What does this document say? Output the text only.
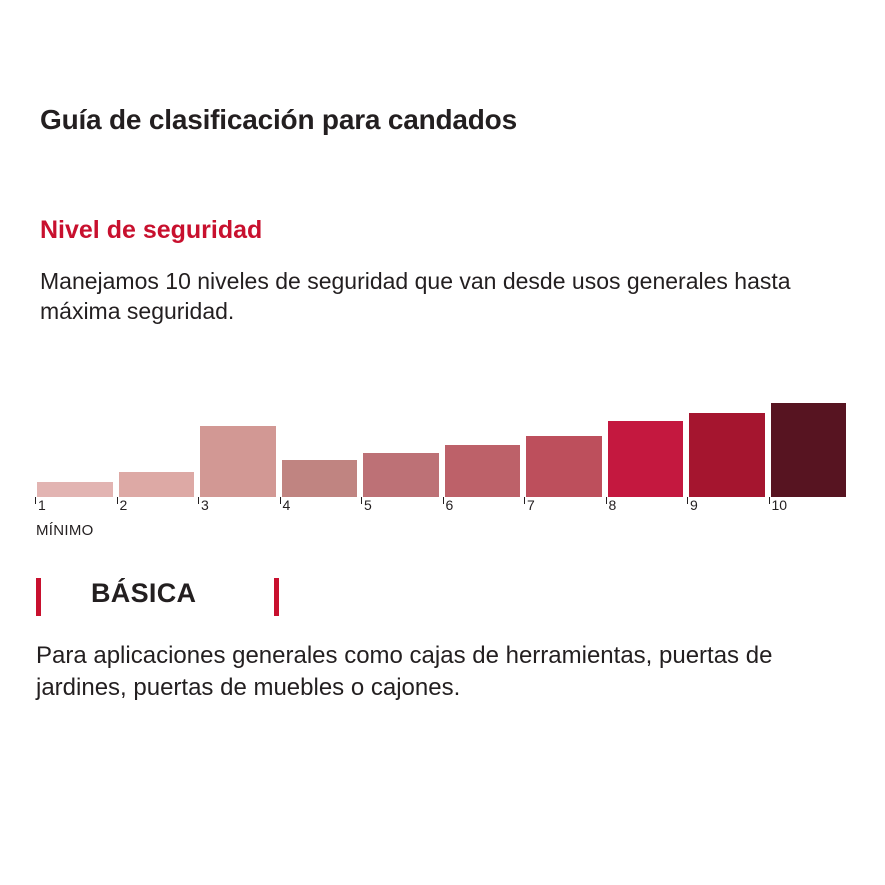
Guía de clasificación para candados
Nivel de seguridad
Manejamos 10 niveles de seguridad que van desde usos generales hasta máxima seguridad.
1	2	3	4	5	6	7	8	9	10
MÍNIMO
BÁSICA
Para aplicaciones generales como cajas de herramientas, puertas de jardines, puertas de muebles o cajones.
